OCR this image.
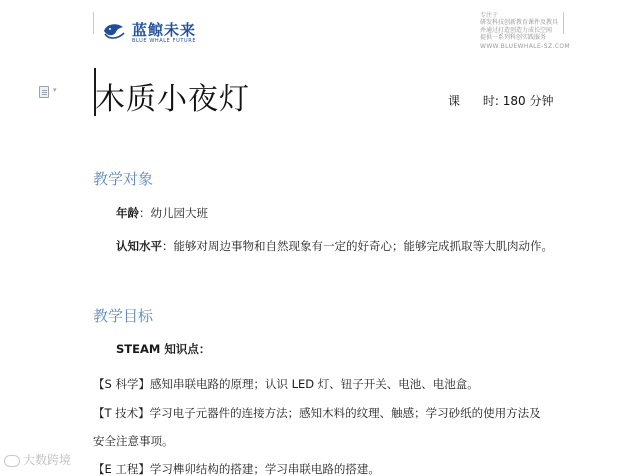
蓝鲸未来
BLUE WHALE FUTURE
专注于
研发科技创新教育课件及教具
并通过打造创造力成长空间
提供一系列科创实践服务
WWW.BLUEWHALE-SZ.COM
▾ 木质小夜灯	课      时: 180 分钟
教学对象
年龄：幼儿园大班
认知水平：能够对周边事物和自然现象有一定的好奇心；能够完成抓取等大肌肉动作。
教学目标
STEAM 知识点：
【S 科学】感知串联电路的原理；认识 LED 灯、钮子开关、电池、电池盒。
【T 技术】学习电子元器件的连接方法；感知木料的纹理、触感；学习砂纸的使用方法及
安全注意事项。
【E 工程】学习榫卯结构的搭建；学习串联电路的搭建。
大数跨境
